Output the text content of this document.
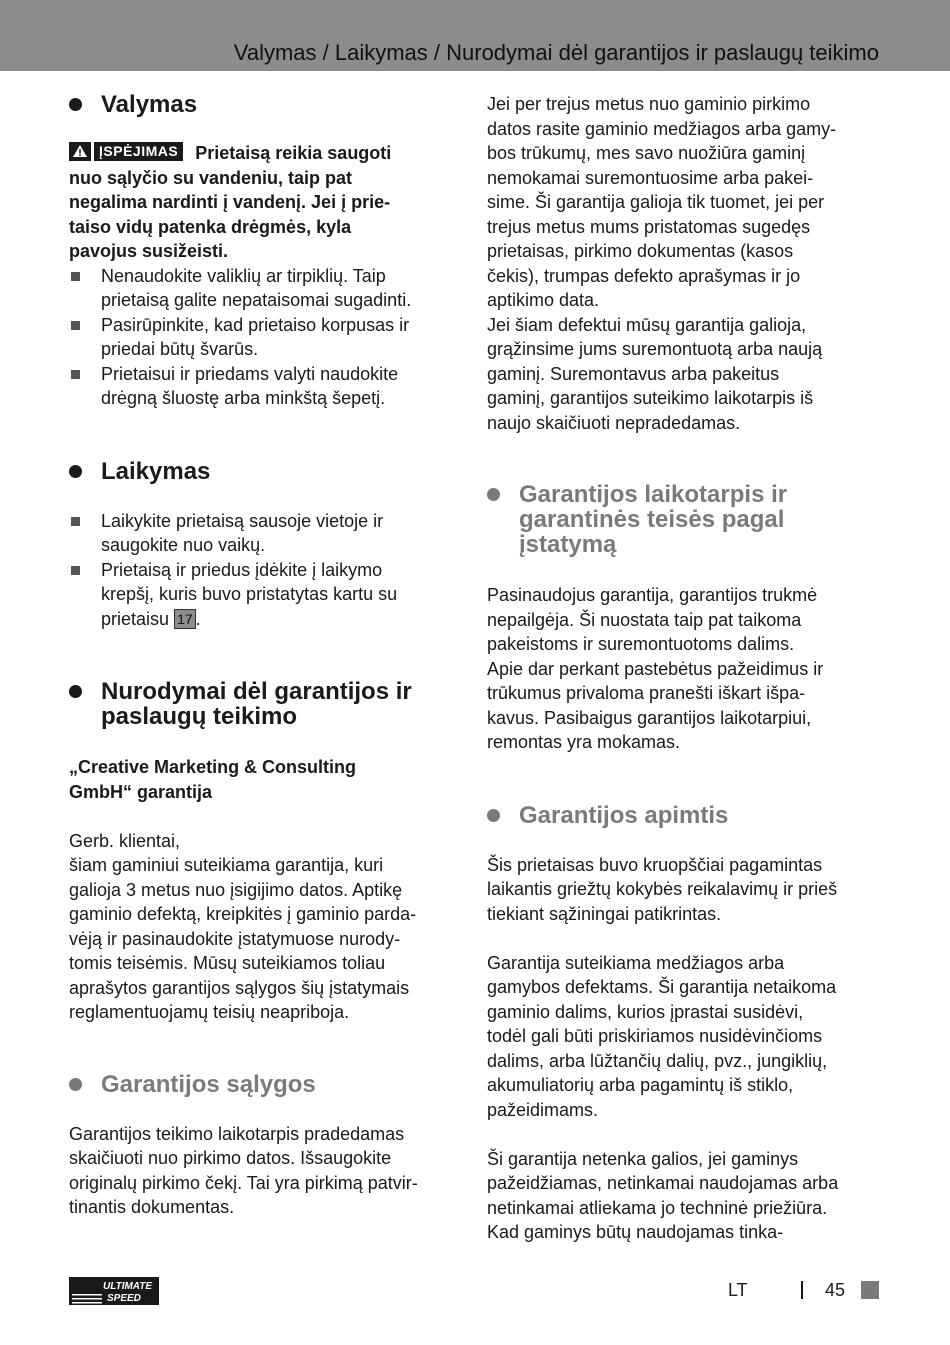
Valymas / Laikymas / Nurodymai dėl garantijos ir paslaugų teikimo
Valymas
ĮSPĖJIMAS Prietaisą reikia saugoti
nuo sąlyčio su vandeniu, taip pat
negalima nardinti į vandenį. Jei į prie-
taiso vidų patenka drėgmės, kyla
pavojus susižeisti.
Nenaudokite valiklių ar tirpiklių. Taip
prietaisą galite nepataisomai sugadinti.
Pasirūpinkite, kad prietaiso korpusas ir
priedai būtų švarūs.
Prietaisui ir priedams valyti naudokite
drėgną šluostę arba minkštą šepetį.
Laikymas
Laikykite prietaisą sausoje vietoje ir
saugokite nuo vaikų.
Prietaisą ir priedus įdėkite į laikymo
krepšį, kuris buvo pristatytas kartu su
prietaisu 17 .
Nurodymai dėl garantijos ir
paslaugų teikimo
„Creative Marketing & Consulting
GmbH“ garantija
Gerb. klientai,
šiam gaminiui suteikiama garantija, kuri
galioja 3 metus nuo įsigijimo datos. Aptikę
gaminio defektą, kreipkitės į gaminio parda-
vėją ir pasinaudokite įstatymuose nurody-
tomis teisėmis. Mūsų suteikiamos toliau
aprašytos garantijos sąlygos šių įstatymais
reglamentuojamų teisių neapriboja.
Garantijos sąlygos
Garantijos teikimo laikotarpis pradedamas
skaičiuoti nuo pirkimo datos. Išsaugokite
originalų pirkimo čekį. Tai yra pirkimą patvir-
tinantis dokumentas.
Jei per trejus metus nuo gaminio pirkimo
datos rasite gaminio medžiagos arba gamy-
bos trūkumų, mes savo nuožiūra gaminį
nemokamai suremontuosime arba pakei-
sime. Ši garantija galioja tik tuomet, jei per
trejus metus mums pristatomas sugedęs
prietaisas, pirkimo dokumentas (kasos
čekis), trumpas defekto aprašymas ir jo
aptikimo data.
Jei šiam defektui mūsų garantija galioja,
grąžinsime jums suremontuotą arba naują
gaminį. Suremontavus arba pakeitus
gaminį, garantijos suteikimo laikotarpis iš
naujo skaičiuoti nepradedamas.
Garantijos laikotarpis ir
garantinės teisės pagal
įstatymą
Pasinaudojus garantija, garantijos trukmė
nepailgėja. Ši nuostata taip pat taikoma
pakeistoms ir suremontuotoms dalims.
Apie dar perkant pastebėtus pažeidimus ir
trūkumus privaloma pranešti iškart išpa-
kavus. Pasibaigus garantijos laikotarpiui,
remontas yra mokamas.
Garantijos apimtis
Šis prietaisas buvo kruopščiai pagamintas
laikantis griežtų kokybės reikalavimų ir prieš
tiekiant sąžiningai patikrintas.
Garantija suteikiama medžiagos arba
gamybos defektams. Ši garantija netaikoma
gaminio dalims, kurios įprastai susidėvi,
todėl gali būti priskiriamos nusidėvinčioms
dalims, arba lūžtančių dalių, pvz., jungiklių,
akumuliatorių arba pagamintų iš stiklo,
pažeidimams.
Ši garantija netenka galios, jei gaminys
pažeidžiamas, netinkamai naudojamas arba
netinkamai atliekama jo techninė priežiūra.
Kad gaminys būtų naudojamas tinka-
ULTIMATE
SPEED	LT	45
